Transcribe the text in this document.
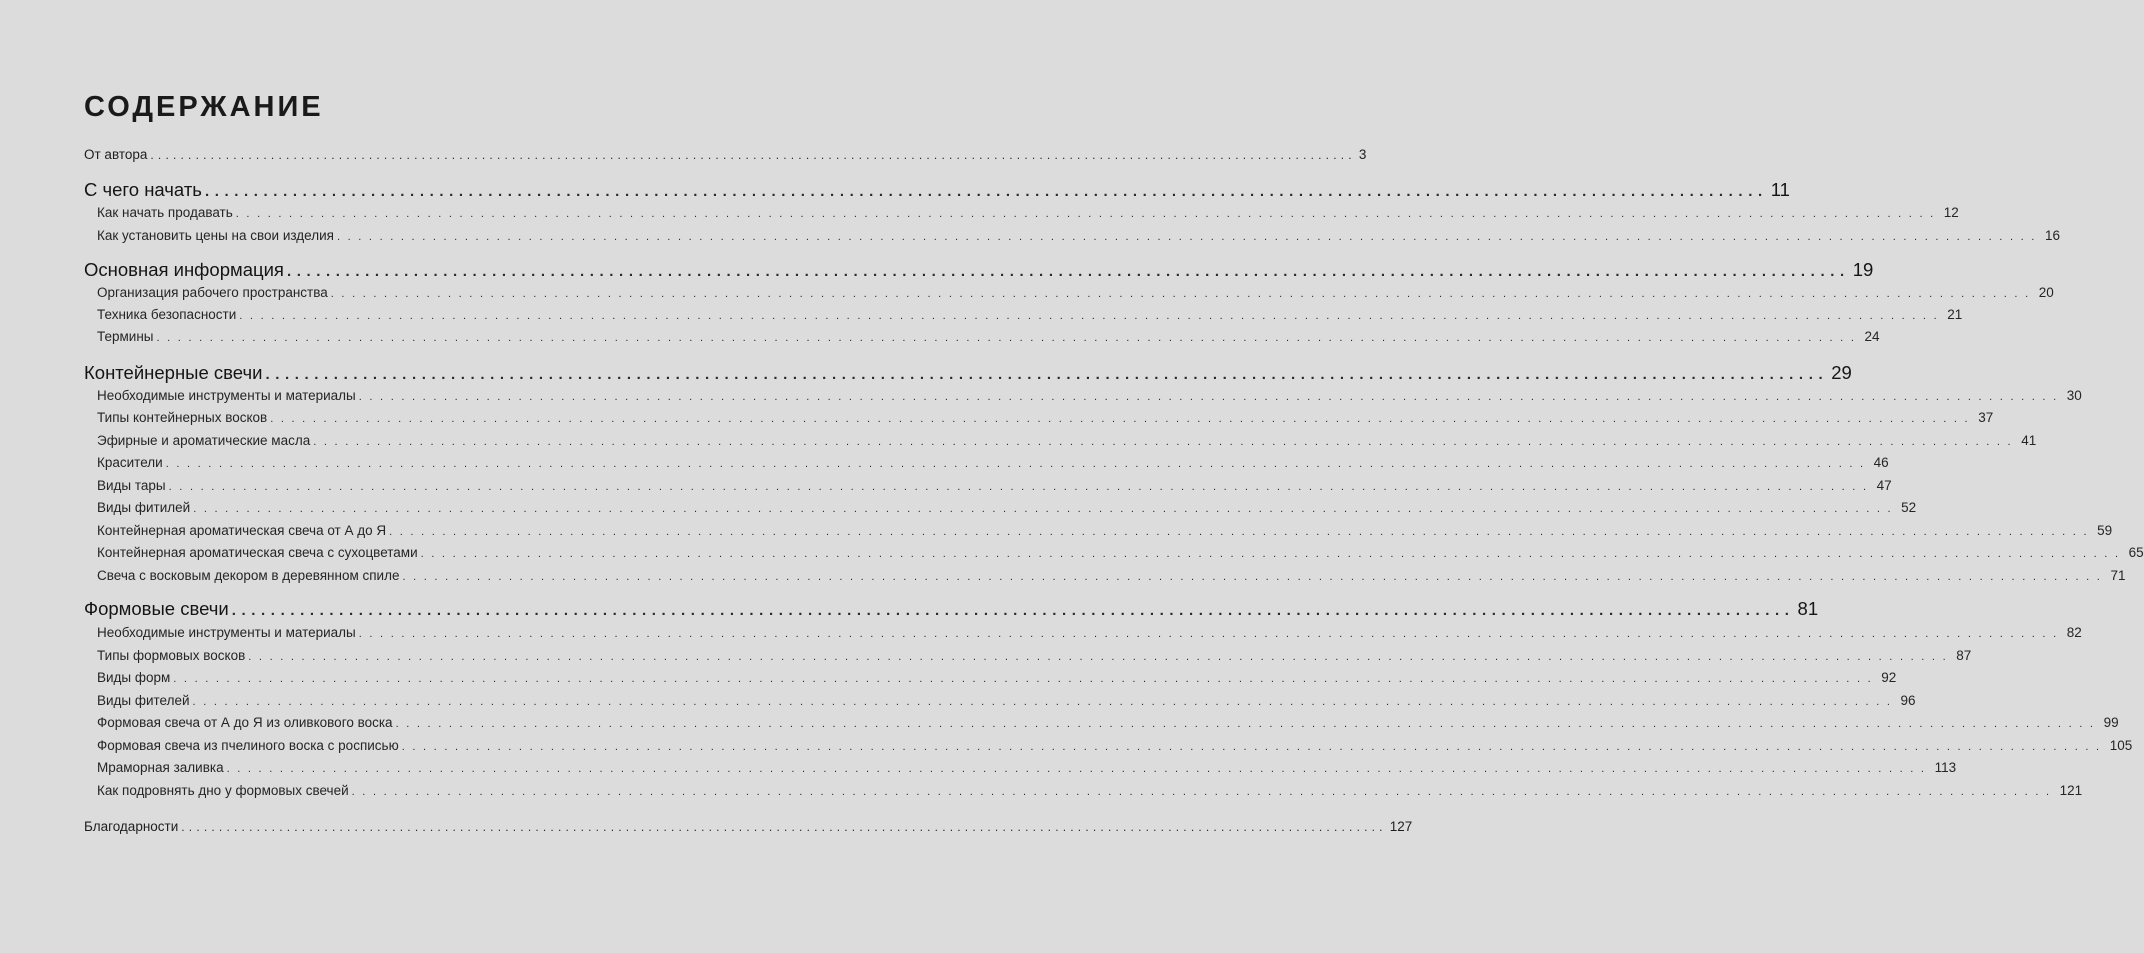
СОДЕРЖАНИЕ
От автора ................................................................................................................................................................ 3
С чего начать ................................................................................................................................................................ 11
Как начать продавать ................................................................................................................................................................ 12
Как установить цены на свои изделия ................................................................................................................................................................ 16
Основная информация ................................................................................................................................................................ 19
Организация рабочего пространства ................................................................................................................................................................ 20
Техника безопасности ................................................................................................................................................................ 21
Термины ................................................................................................................................................................ 24
Контейнерные свечи ................................................................................................................................................................ 29
Необходимые инструменты и материалы ................................................................................................................................................................ 30
Типы контейнерных восков ................................................................................................................................................................ 37
Эфирные и ароматические масла ................................................................................................................................................................ 41
Красители ................................................................................................................................................................ 46
Виды тары ................................................................................................................................................................ 47
Виды фитилей ................................................................................................................................................................ 52
Контейнерная ароматическая свеча от А до Я ................................................................................................................................................................ 59
Контейнерная ароматическая свеча с сухоцветами ................................................................................................................................................................ 65
Свеча с восковым декором в деревянном спиле ................................................................................................................................................................ 71
Формовые свечи ................................................................................................................................................................ 81
Необходимые инструменты и материалы ................................................................................................................................................................ 82
Типы формовых восков ................................................................................................................................................................ 87
Виды форм ................................................................................................................................................................ 92
Виды фителей ................................................................................................................................................................ 96
Формовая свеча от А до Я из оливкового воска ................................................................................................................................................................ 99
Формовая свеча из пчелиного воска с росписью ................................................................................................................................................................ 105
Мраморная заливка ................................................................................................................................................................ 113
Как подровнять дно у формовых свечей ................................................................................................................................................................ 121
Благодарности ................................................................................................................................................................ 127
